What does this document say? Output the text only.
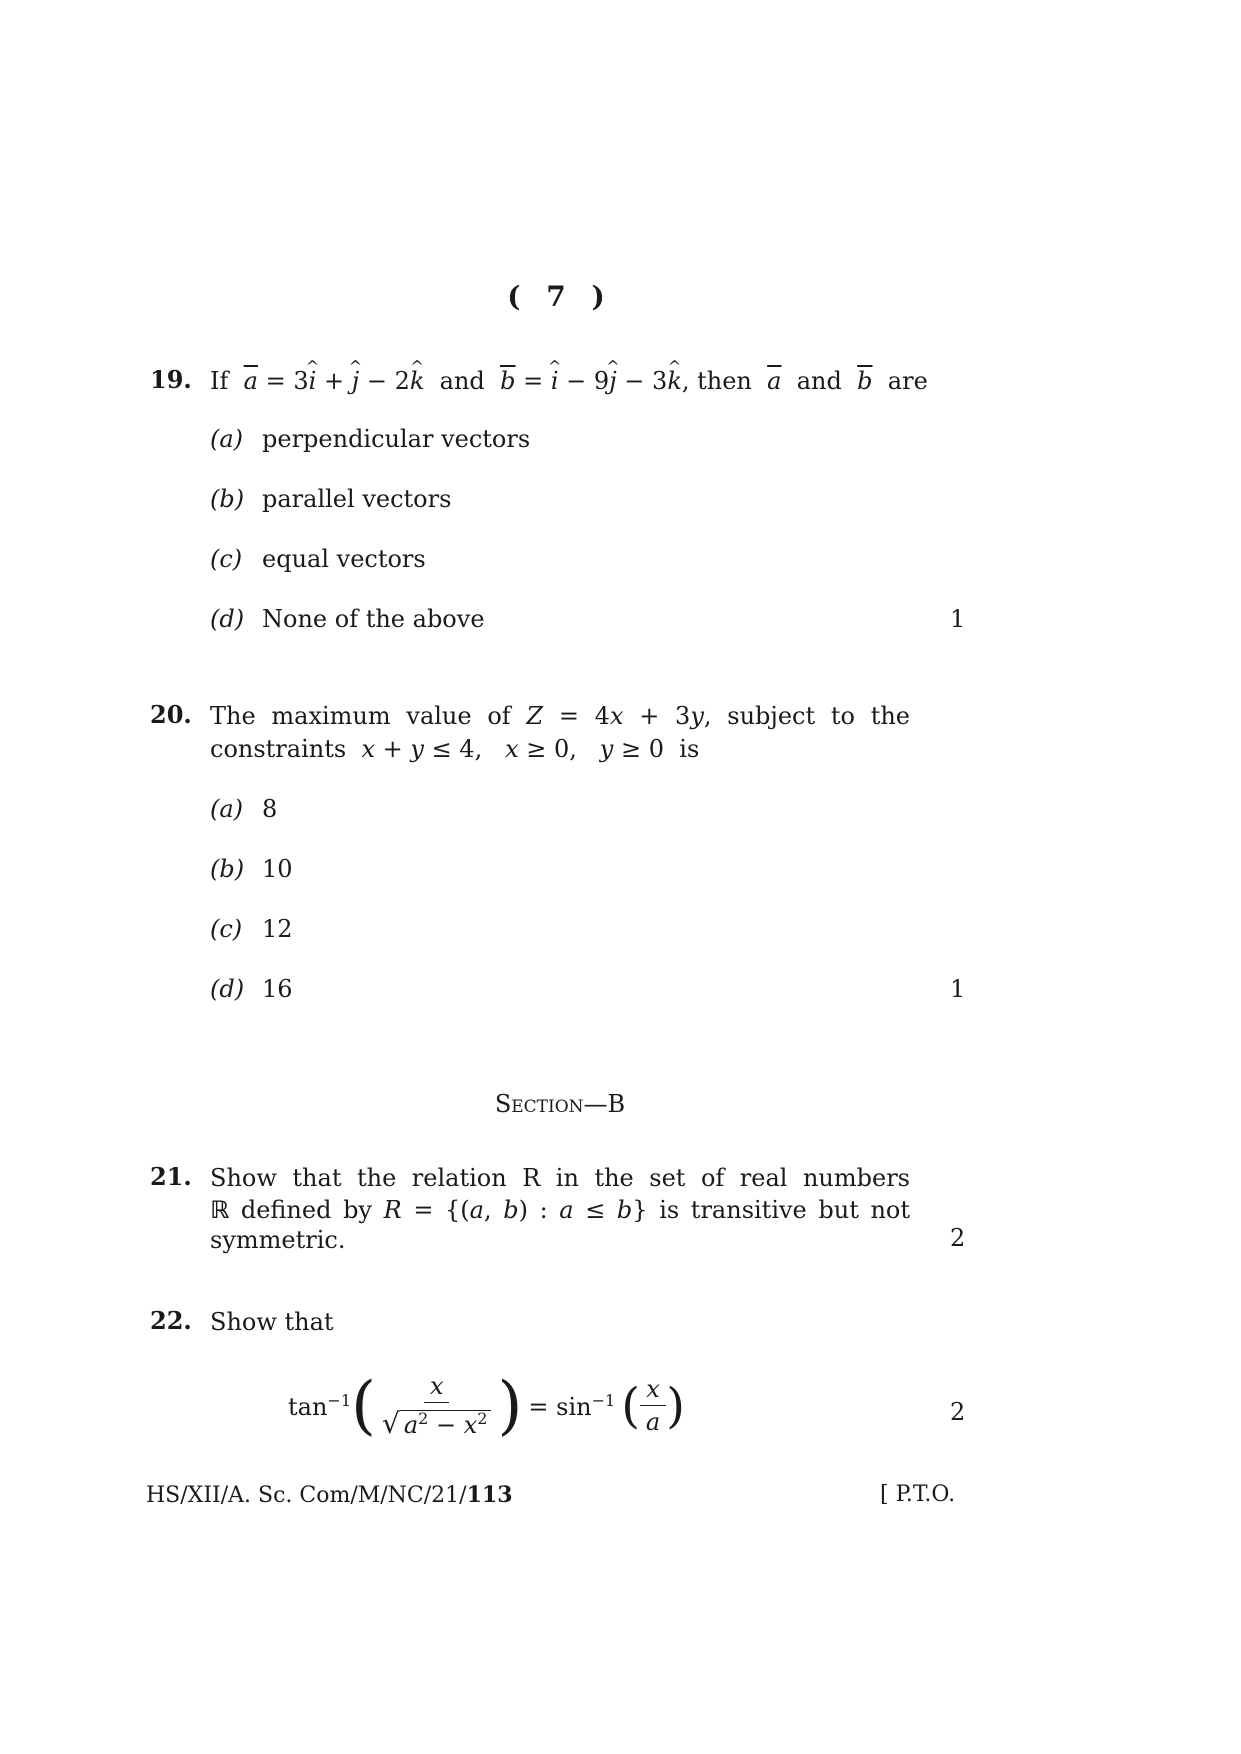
( 7 )
19. If $\overline{a} = 3i$ ^ + j ^ − 2k ^ and $\overline{b} = i$ ^ − 9j ^ − 3k ^, then $\overline{a}$ and $\overline{b}$ are
(a) perpendicular vectors
(b) parallel vectors
(c) equal vectors
(d) None of the above	1
20. The maximum value of Z = 4x + 3y, subject to the
constraints x + y ≤ 4,   x ≥ 0,   y ≥ 0 is
(a) 8
(b) 10
(c) 12
(d) 16	1
Section—B
21. Show that the relation R in the set of real numbers
ℝ defined by R = {(a, b) : a ≤ b} is transitive but not
symmetric.	2
22. Show that
$\tan^{-1}$ ( $\frac{x}{√ a^2 - x^2}$ ) = $\sin^{-1}$ ( $\frac{x}{a}$ )	2
HS/XII/A. Sc. Com/M/NC/21/113	[ P.T.O.
